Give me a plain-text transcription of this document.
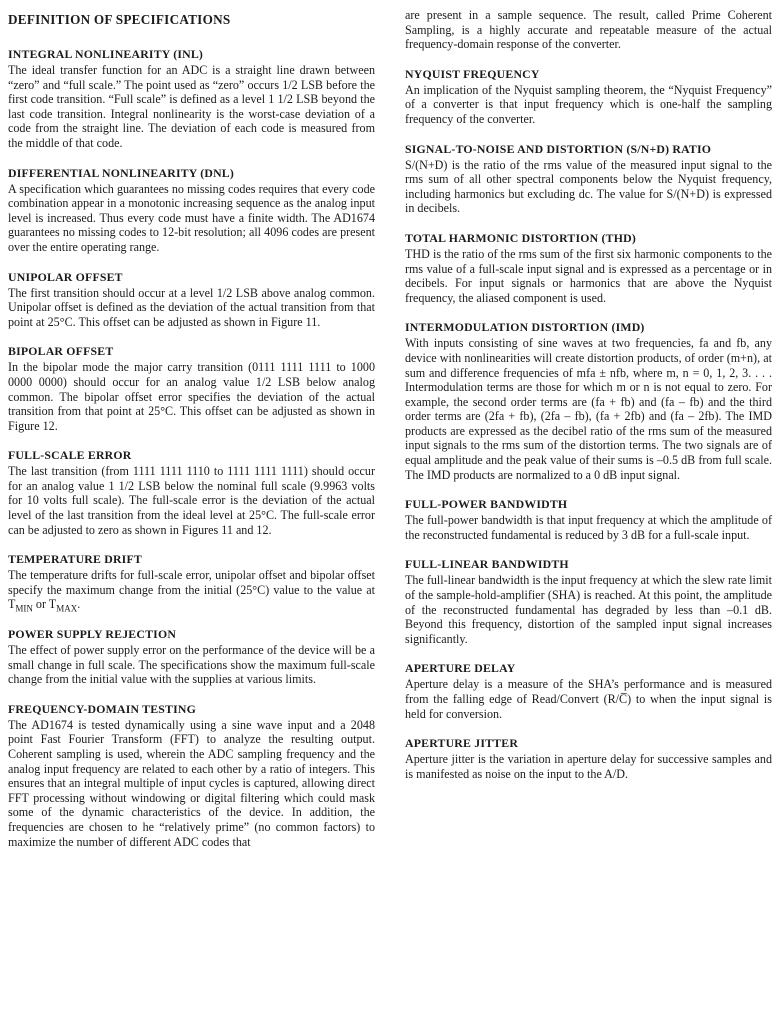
DEFINITION OF SPECIFICATIONS
INTEGRAL NONLINEARITY (INL)

The ideal transfer function for an ADC is a straight line drawn between “zero” and “full scale.” The point used as “zero” occurs 1/2 LSB before the first code transition. “Full scale” is defined as a level 1 1/2 LSB beyond the last code transition. Integral nonlinearity is the worst-case deviation of a code from the straight line. The deviation of each code is measured from the middle of that code.

DIFFERENTIAL NONLINEARITY (DNL)

A specification which guarantees no missing codes requires that every code combination appear in a monotonic increasing sequence as the analog input level is increased. Thus every code must have a finite width. The AD1674 guarantees no missing codes to 12-bit resolution; all 4096 codes are present over the entire operating range.

UNIPOLAR OFFSET

The first transition should occur at a level 1/2 LSB above analog common. Unipolar offset is defined as the deviation of the actual transition from that point at 25°C. This offset can be adjusted as shown in Figure 11.

BIPOLAR OFFSET

In the bipolar mode the major carry transition (0111 1111 1111 to 1000 0000 0000) should occur for an analog value 1/2 LSB below analog common. The bipolar offset error specifies the deviation of the actual transition from that point at 25°C. This offset can be adjusted as shown in Figure 12.

FULL-SCALE ERROR

The last transition (from 1111 1111 1110 to 1111 1111 1111) should occur for an analog value 1 1/2 LSB below the nominal full scale (9.9963 volts for 10 volts full scale). The full-scale error is the deviation of the actual level of the last transition from the ideal level at 25°C. The full-scale error can be adjusted to zero as shown in Figures 11 and 12.

TEMPERATURE DRIFT

The temperature drifts for full-scale error, unipolar offset and bipolar offset specify the maximum change from the initial (25°C) value to the value at $T_{MIN}$ or $T_{MAX}$.

POWER SUPPLY REJECTION

The effect of power supply error on the performance of the device will be a small change in full scale. The specifications show the maximum full-scale change from the initial value with the supplies at various limits.

FREQUENCY-DOMAIN TESTING

The AD1674 is tested dynamically using a sine wave input and a 2048 point Fast Fourier Transform (FFT) to analyze the resulting output. Coherent sampling is used, wherein the ADC sampling frequency and the analog input frequency are related to each other by a ratio of integers. This ensures that an integral multiple of input cycles is captured, allowing direct FFT processing without windowing or digital filtering which could mask some of the dynamic characteristics of the device. In addition, the frequencies are chosen to he “relatively prime” (no common factors) to maximize the number of different ADC codes that

are present in a sample sequence. The result, called Prime Coherent Sampling, is a highly accurate and repeatable measure of the actual frequency-domain response of the converter.

NYQUIST FREQUENCY

An implication of the Nyquist sampling theorem, the “Nyquist Frequency” of a converter is that input frequency which is one-half the sampling frequency of the converter.

SIGNAL-TO-NOISE AND DISTORTION (S/N+D) RATIO

S/(N+D) is the ratio of the rms value of the measured input signal to the rms sum of all other spectral components below the Nyquist frequency, including harmonics but excluding dc. The value for S/(N+D) is expressed in decibels.

TOTAL HARMONIC DISTORTION (THD)

THD is the ratio of the rms sum of the first six harmonic components to the rms value of a full-scale input signal and is expressed as a percentage or in decibels. For input signals or harmonics that are above the Nyquist frequency, the aliased component is used.

INTERMODULATION DISTORTION (IMD)

With inputs consisting of sine waves at two frequencies, fa and fb, any device with nonlinearities will create distortion products, of order (m+n), at sum and difference frequencies of mfa ± nfb, where m, n = 0, 1, 2, 3. . . . Intermodulation terms are those for which m or n is not equal to zero. For example, the second order terms are (fa + fb) and (fa – fb) and the third order terms are (2fa + fb), (2fa – fb), (fa + 2fb) and (fa – 2fb). The IMD products are expressed as the decibel ratio of the rms sum of the measured input signals to the rms sum of the distortion terms. The two signals are of equal amplitude and the peak value of their sums is –0.5 dB from full scale. The IMD products are normalized to a 0 dB input signal.

FULL-POWER BANDWIDTH

The full-power bandwidth is that input frequency at which the amplitude of the reconstructed fundamental is reduced by 3 dB for a full-scale input.

FULL-LINEAR BANDWIDTH

The full-linear bandwidth is the input frequency at which the slew rate limit of the sample-hold-amplifier (SHA) is reached. At this point, the amplitude of the reconstructed fundamental has degraded by less than –0.1 dB. Beyond this frequency, distortion of the sampled input signal increases significantly.

APERTURE DELAY

Aperture delay is a measure of the SHA’s performance and is measured from the falling edge of Read/Convert (R/C̅) to when the input signal is held for conversion.

APERTURE JITTER

Aperture jitter is the variation in aperture delay for successive samples and is manifested as noise on the input to the A/D.
